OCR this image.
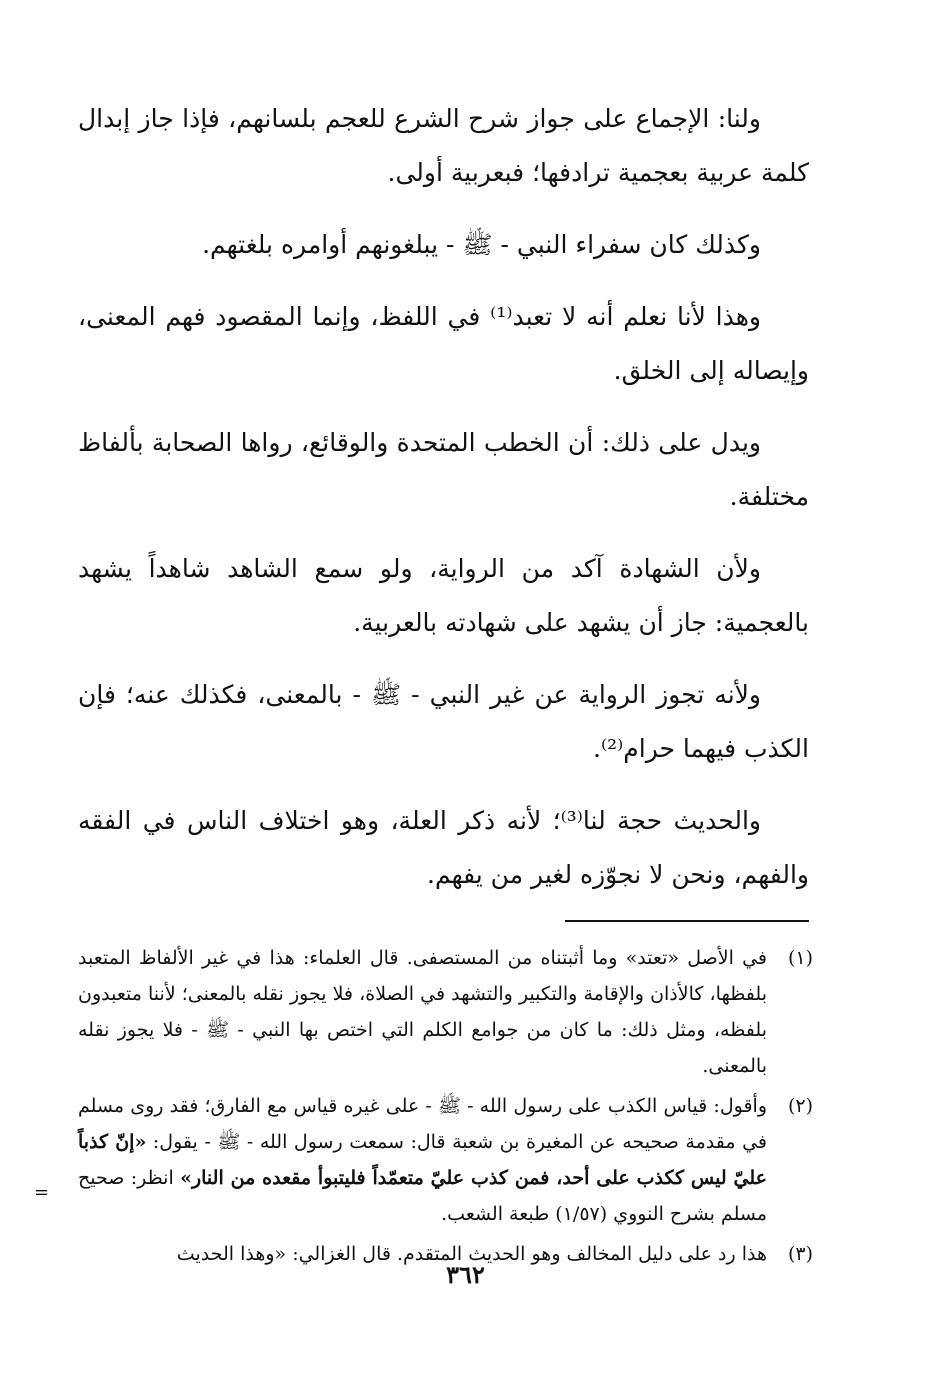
ولنا: الإجماع على جواز شرح الشرع للعجم بلسانهم، فإذا جاز إبدال كلمة عربية بعجمية ترادفها؛ فبعربية أولى.

وكذلك كان سفراء النبي - ﷺ - يبلغونهم أوامره بلغتهم.

وهذا لأنا نعلم أنه لا تعبد⁽¹⁾ في اللفظ، وإنما المقصود فهم المعنى، وإيصاله إلى الخلق.

ويدل على ذلك: أن الخطب المتحدة والوقائع، رواها الصحابة بألفاظ مختلفة.

ولأن الشهادة آكد من الرواية، ولو سمع الشاهد شاهداً يشهد بالعجمية: جاز أن يشهد على شهادته بالعربية.

ولأنه تجوز الرواية عن غير النبي - ﷺ - بالمعنى، فكذلك عنه؛ فإن الكذب فيهما حرام⁽²⁾.

والحديث حجة لنا⁽³⁾؛ لأنه ذكر العلة، وهو اختلاف الناس في الفقه والفهم، ونحن لا نجوّزه لغير من يفهم.

(١)
في الأصل «تعتد» وما أثبتناه من المستصفى. قال العلماء: هذا في غير الألفاظ المتعبد بلفظها، كالأذان والإقامة والتكبير والتشهد في الصلاة، فلا يجوز نقله بالمعنى؛ لأننا متعبدون بلفظه، ومثل ذلك: ما كان من جوامع الكلم التي اختص بها النبي - ﷺ - فلا يجوز نقله بالمعنى.
(٢)
وأقول: قياس الكذب على رسول الله - ﷺ - على غيره قياس مع الفارق؛ فقد روى مسلم في مقدمة صحيحه عن المغيرة بن شعبة قال: سمعت رسول الله - ﷺ - يقول: «إنّ كذباً عليّ ليس ككذب على أحد، فمن كذب عليّ متعمّداً فليتبوأ مقعده من النار» انظر: صحيح مسلم بشرح النووي (١/٥٧) طبعة الشعب.
(٣)
هذا رد على دليل المخالف وهو الحديث المتقدم. قال الغزالي: «وهذا الحديث
=
٣٦٢
